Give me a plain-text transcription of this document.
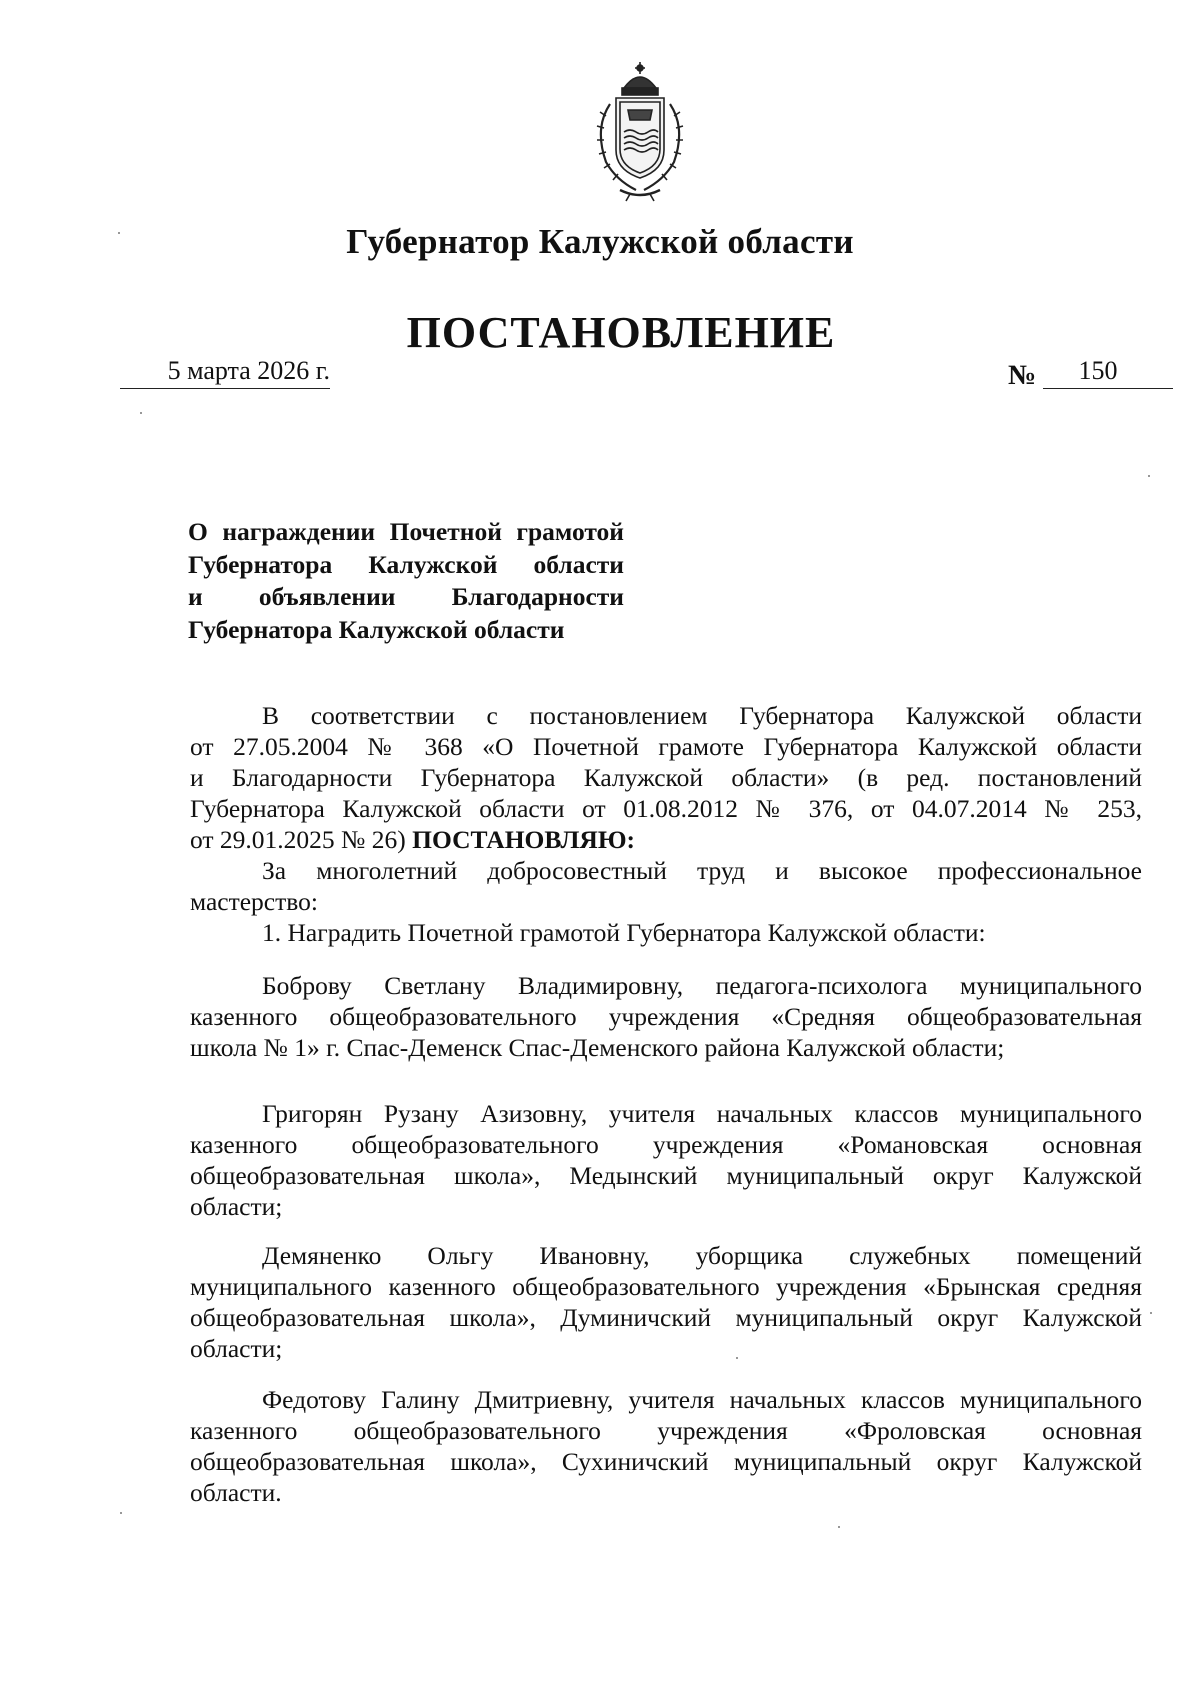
Губернатор Калужской области
ПОСТАНОВЛЕНИЕ
5 марта 2026 г.	№	150
О награждении Почетной грамотой
Губернатора Калужской области
и объявлении Благодарности
Губернатора Калужской области
В соответствии с постановлением Губернатора Калужской области
от 27.05.2004 № 368 «О Почетной грамоте Губернатора Калужской области
и Благодарности Губернатора Калужской области» (в ред. постановлений
Губернатора Калужской области от 01.08.2012 № 376, от 04.07.2014 № 253,
от 29.01.2025 № 26) ПОСТАНОВЛЯЮ:
За многолетний добросовестный труд и высокое профессиональное
мастерство:
1. Наградить Почетной грамотой Губернатора Калужской области:
Боброву Светлану Владимировну, педагога-психолога муниципального
казенного общеобразовательного учреждения «Средняя общеобразовательная
школа № 1» г. Спас-Деменск Спас-Деменского района Калужской области;
Григорян Рузану Азизовну, учителя начальных классов муниципального
казенного общеобразовательного учреждения «Романовская основная
общеобразовательная школа», Медынский муниципальный округ Калужской
области;
Демяненко Ольгу Ивановну, уборщика служебных помещений
муниципального казенного общеобразовательного учреждения «Брынская средняя
общеобразовательная школа», Думиничский муниципальный округ Калужской
области;
Федотову Галину Дмитриевну, учителя начальных классов муниципального
казенного общеобразовательного учреждения «Фроловская основная
общеобразовательная школа», Сухиничский муниципальный округ Калужской
области.
